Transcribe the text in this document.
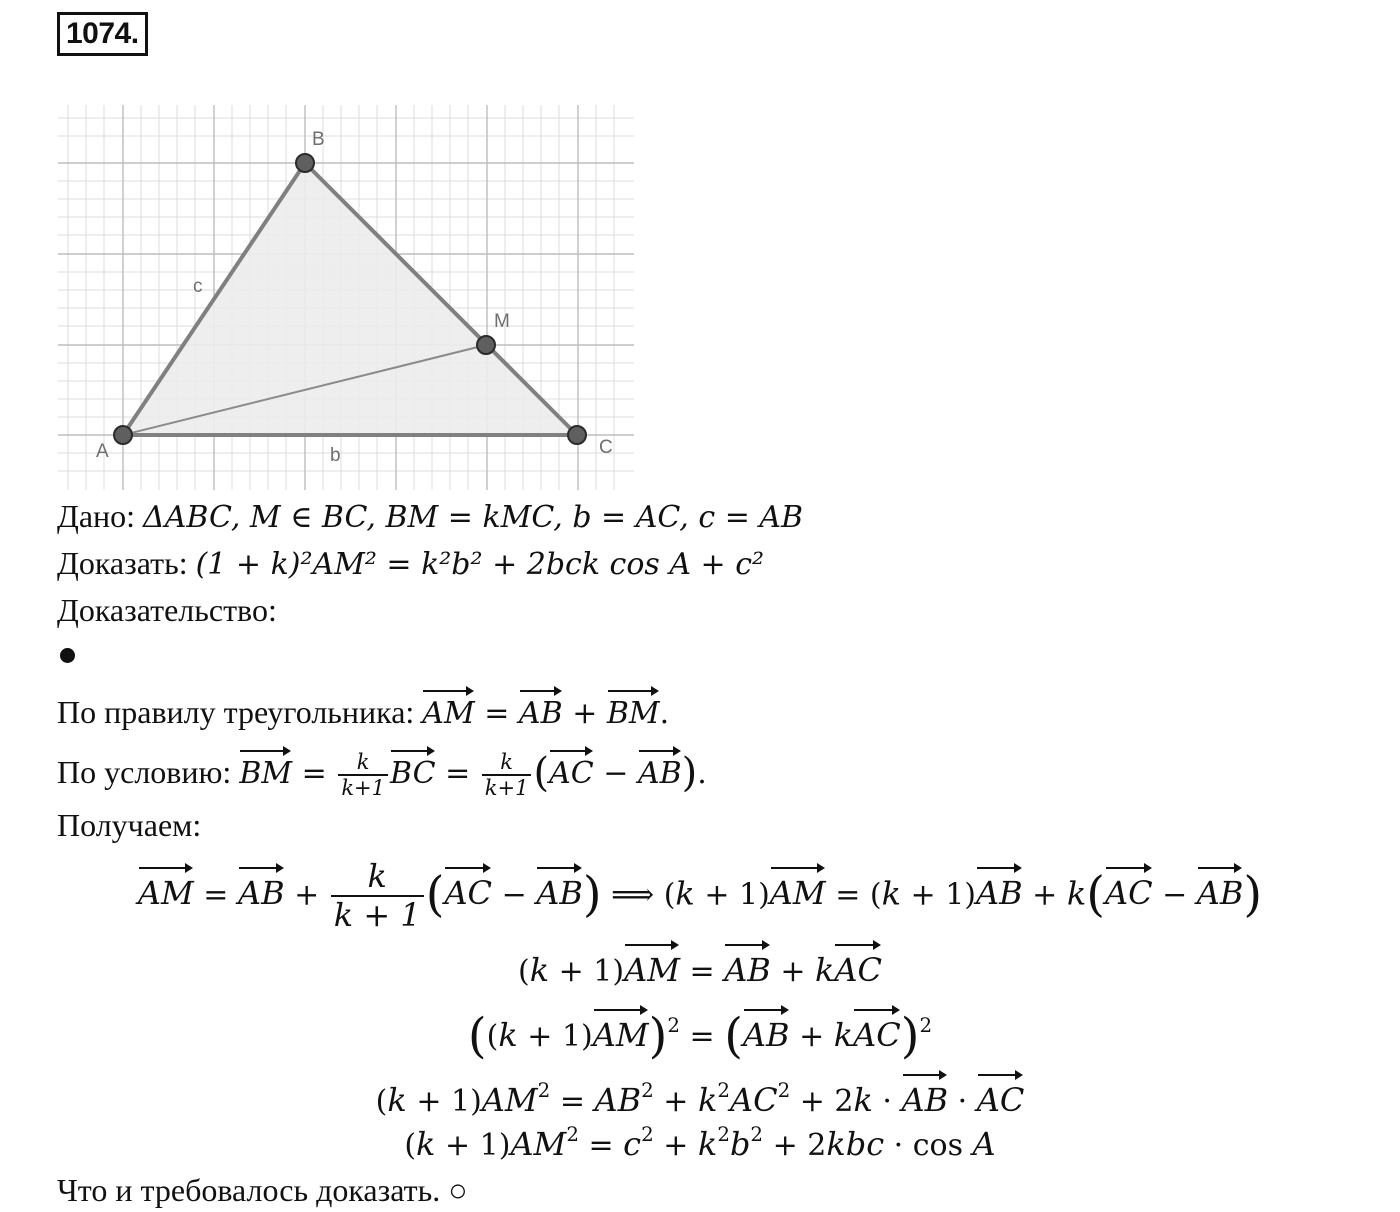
1074.
B
M
A	C
c
b
Дано: ΔABC, M ∈ BC, BM = kMC, b = AC, c = AB
Доказать: (1 + k)²AM² = k²b² + 2bck cos A + c²
Доказательство:
По правилу треугольника: AM = AB + BM.
По условию: BM = $\frac{k}{k+1}$ BC = $\frac{k}{k+1} (AC - AB)$.
Получаем:
AM = AB + $\frac{k}{k + 1} (AC - AB)$ ⟹ (k + 1)AM = (k + 1)AB + k(AC − AB)
(k + 1)AM = AB + kAC
$((k + 1)AM)^2 = (AB + kAC)^2$
$(k + 1)AM^2 = AB^2 + k^2AC^2 + 2k$ · AB · AC
$(k + 1)AM^2 = c^2 + k^2b^2 + 2kbc \cdot \cos A$
Что и требовалось доказать. ○
